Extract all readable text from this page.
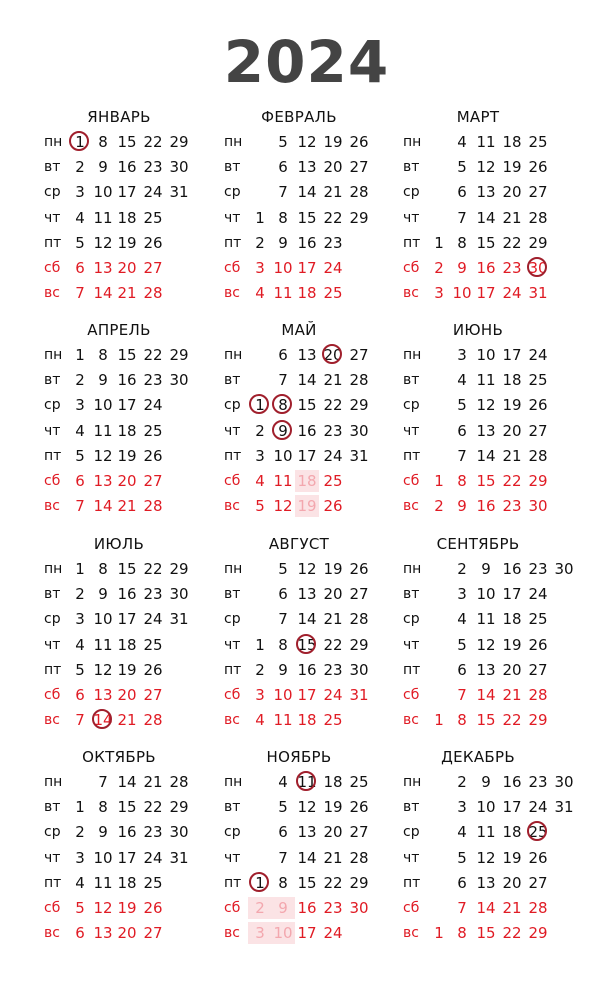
2024
ЯНВАРЬ
пн 1 8 15 22 29
вт 2 9 16 23 30
ср 3 10 17 24 31
чт 4 11 18 25
пт 5 12 19 26
сб 6 13 20 27
вс	7 14 21 28
ФЕВРАЛЬ
пн	5 12 19 26
вт	6 13 20 27
ср	7 14 21 28
чт 1 8 15 22 29
пт 2 9 16 23
сб 3 10 17 24
вс	4 11 18 25
МАРТ
пн	4 11 18 25
вт	5 12 19 26
ср	6 13 20 27
чт	7 14 21 28
пт 1 8 15 22 29
сб 2 9 16 23 30
вс	3 10 17 24 31
АПРЕЛЬ
пн 1 8 15 22 29
вт 2 9 16 23 30
ср 3 10 17 24
чт 4 11 18 25
пт 5 12 19 26
сб 6 13 20 27
вс	7 14 21 28
МАЙ
пн	6 13 20 27
вт	7 14 21 28
ср 1 8 15 22 29
чт 2 9 16 23 30
пт 3 10 17 24 31
сб 4 11 18 25
вс	5 12 19 26
ИЮНЬ
пн	3 10 17 24
вт	4 11 18 25
ср	5 12 19 26
чт	6 13 20 27
пт	7 14 21 28
сб 1 8 15 22 29
вс	2 9 16 23 30
ИЮЛЬ
пн 1 8 15 22 29
вт 2 9 16 23 30
ср 3 10 17 24 31
чт 4 11 18 25
пт 5 12 19 26
сб 6 13 20 27
вс	7 14 21 28
АВГУСТ
пн	5 12 19 26
вт	6 13 20 27
ср	7 14 21 28
чт 1 8 15 22 29
пт 2 9 16 23 30
сб 3 10 17 24 31
вс	4 11 18 25
СЕНТЯБРЬ
пн	2 9 16 23 30
вт	3 10 17 24
ср	4 11 18 25
чт	5 12 19 26
пт	6 13 20 27
сб	7 14 21 28
вс	1 8 15 22 29
ОКТЯБРЬ
пн	7 14 21 28
вт 1 8 15 22 29
ср 2 9 16 23 30
чт 3 10 17 24 31
пт 4 11 18 25
сб 5 12 19 26
вс	6 13 20 27
НОЯБРЬ
пн	4 11 18 25
вт	5 12 19 26
ср	6 13 20 27
чт	7 14 21 28
пт 1 8 15 22 29
сб 2 9 16 23 30
вс	3 10 17 24
ДЕКАБРЬ
пн	2 9 16 23 30
вт	3 10 17 24 31
ср	4 11 18 25
чт	5 12 19 26
пт	6 13 20 27
сб	7 14 21 28
вс	1 8 15 22 29
